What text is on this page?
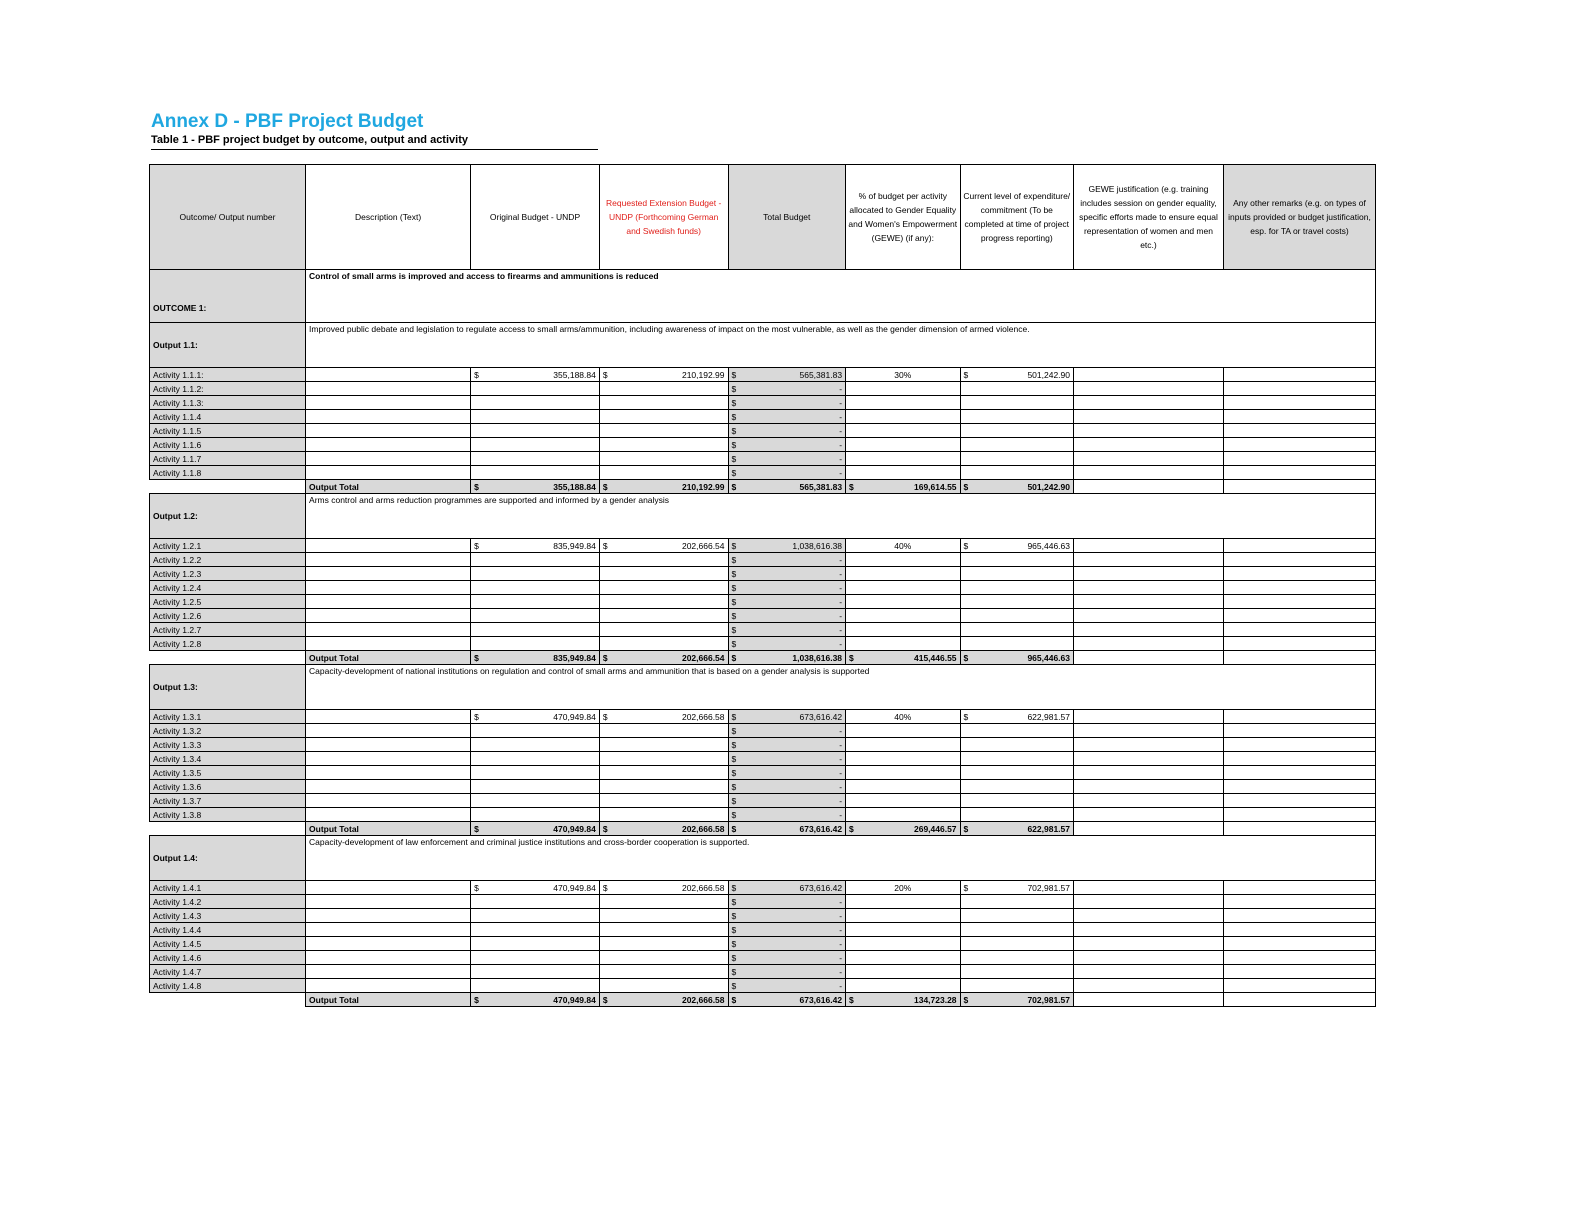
Annex D - PBF Project Budget
Table 1 - PBF project budget by outcome, output and activity
Outcome/ Output number	Description (Text)	Original Budget - UNDP	Requested Extension Budget - UNDP (Forthcoming German and Swedish funds)	Total Budget	% of budget per activity allocated to Gender Equality and Women's Empowerment (GEWE) (if any):	Current level of expenditure/ commitment (To be completed at time of project progress reporting)	GEWE justification (e.g. training includes session on gender equality, specific efforts made to ensure equal representation of women and men etc.)	Any other remarks (e.g. on types of inputs provided or budget justification, esp. for TA or travel costs)
OUTCOME 1:	Control of small arms is improved and access to firearms and ammunitions is reduced							
Output 1.1:	Improved public debate and legislation to regulate access to small arms/ammunition, including awareness of impact on the most vulnerable, as well as the gender dimension of armed violence.							
Activity 1.1.1:		$ 355,188.84	$ 210,192.99	$ 565,381.83	30%	$ 501,242.90		

Activity 1.1.2:				$ -				

Activity 1.1.3:				$ -				

Activity 1.1.4				$ -				

Activity 1.1.5				$ -				

Activity 1.1.6				$ -				

Activity 1.1.7				$ -				

Activity 1.1.8				$ -				

	Output Total	$ 355,188.84	$ 210,192.99	$ 565,381.83	$ 169,614.55	$ 501,242.90		

Output 1.2:	Arms control and arms reduction programmes are supported and informed by a gender analysis							
Activity 1.2.1		$ 835,949.84	$ 202,666.54	$ 1,038,616.38	40%	$ 965,446.63		

Activity 1.2.2				$ -				

Activity 1.2.3				$ -				

Activity 1.2.4				$ -				

Activity 1.2.5				$ -				

Activity 1.2.6				$ -				

Activity 1.2.7				$ -				

Activity 1.2.8				$ -				

	Output Total	$ 835,949.84	$ 202,666.54	$ 1,038,616.38	$ 415,446.55	$ 965,446.63		

Output 1.3:	Capacity-development of national institutions on regulation and control of small arms and ammunition that is based on a gender analysis is supported							
Activity 1.3.1		$ 470,949.84	$ 202,666.58	$ 673,616.42	40%	$ 622,981.57		

Activity 1.3.2				$ -				

Activity 1.3.3				$ -				

Activity 1.3.4				$ -				

Activity 1.3.5				$ -				

Activity 1.3.6				$ -				

Activity 1.3.7				$ -				

Activity 1.3.8				$ -				

	Output Total	$ 470,949.84	$ 202,666.58	$ 673,616.42	$ 269,446.57	$ 622,981.57		

Output 1.4:	Capacity-development of law enforcement and criminal justice institutions and cross-border cooperation is supported.							
Activity 1.4.1		$ 470,949.84	$ 202,666.58	$ 673,616.42	20%	$ 702,981.57		

Activity 1.4.2				$ -				

Activity 1.4.3				$ -				

Activity 1.4.4				$ -				

Activity 1.4.5				$ -				

Activity 1.4.6				$ -				

Activity 1.4.7				$ -				

Activity 1.4.8				$ -				

	Output Total	$ 470,949.84	$ 202,666.58	$ 673,616.42	$ 134,723.28	$ 702,981.57		
